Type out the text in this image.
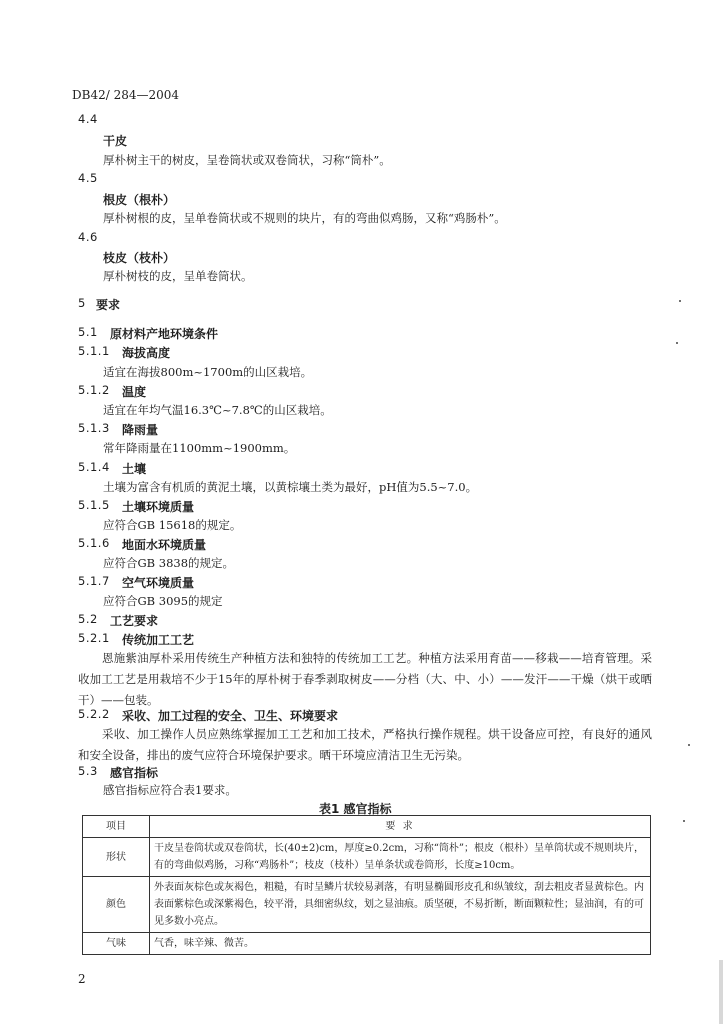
DB42/ 284—2004
4.4
干皮
厚朴树主干的树皮，呈卷筒状或双卷筒状，习称“筒朴”。
4.5
根皮（根朴）
厚朴树根的皮，呈单卷筒状或不规则的块片，有的弯曲似鸡肠，又称“鸡肠朴”。
4.6
枝皮（枝朴）
厚朴树枝的皮，呈单卷筒状。
5 要求
5.1 原材料产地环境条件
5.1.1 海拔高度
适宜在海拔800m~1700m的山区栽培。
5.1.2 温度
适宜在年均气温16.3℃~7.8℃的山区栽培。
5.1.3 降雨量
常年降雨量在1100mm~1900mm。
5.1.4 土壤
土壤为富含有机质的黄泥土壤，以黄棕壤土类为最好，pH值为5.5~7.0。
5.1.5 土壤环境质量
应符合GB 15618的规定。
5.1.6 地面水环境质量
应符合GB 3838的规定。
5.1.7 空气环境质量
应符合GB 3095的规定
5.2 工艺要求
5.2.1 传统加工工艺
恩施紫油厚朴采用传统生产种植方法和独特的传统加工工艺。种植方法采用育苗——移栽——培育管理。采收加工工艺是用栽培不少于15年的厚朴树于春季剥取树皮——分档（大、中、小）——发汗——干燥（烘干或晒干）——包装。
5.2.2 采收、加工过程的安全、卫生、环境要求
采收、加工操作人员应熟练掌握加工工艺和加工技术，严格执行操作规程。烘干设备应可控，有良好的通风和安全设备，排出的废气应符合环境保护要求。晒干环境应清洁卫生无污染。
5.3 感官指标
感官指标应符合表1要求。
表1 感官指标
项目	要 求
形状	干皮呈卷筒状或双卷筒状，长(40±2)cm，厚度≥0.2cm，习称“筒朴”；根皮（根朴）呈单筒状或不规则块片，有的弯曲似鸡肠，习称“鸡肠朴”；枝皮（枝朴）呈单条状或卷筒形，长度≥10cm。
颜色	外表面灰棕色或灰褐色，粗糙，有时呈鳞片状较易剥落，有明显椭圆形皮孔和纵皱纹，刮去粗皮者显黄棕色。内表面紫棕色或深紫褐色，较平滑，具细密纵纹，划之显油痕。质坚硬，不易折断，断面颗粒性；显油润，有的可见多数小亮点。
气味	气香，味辛辣、微苦。
2
